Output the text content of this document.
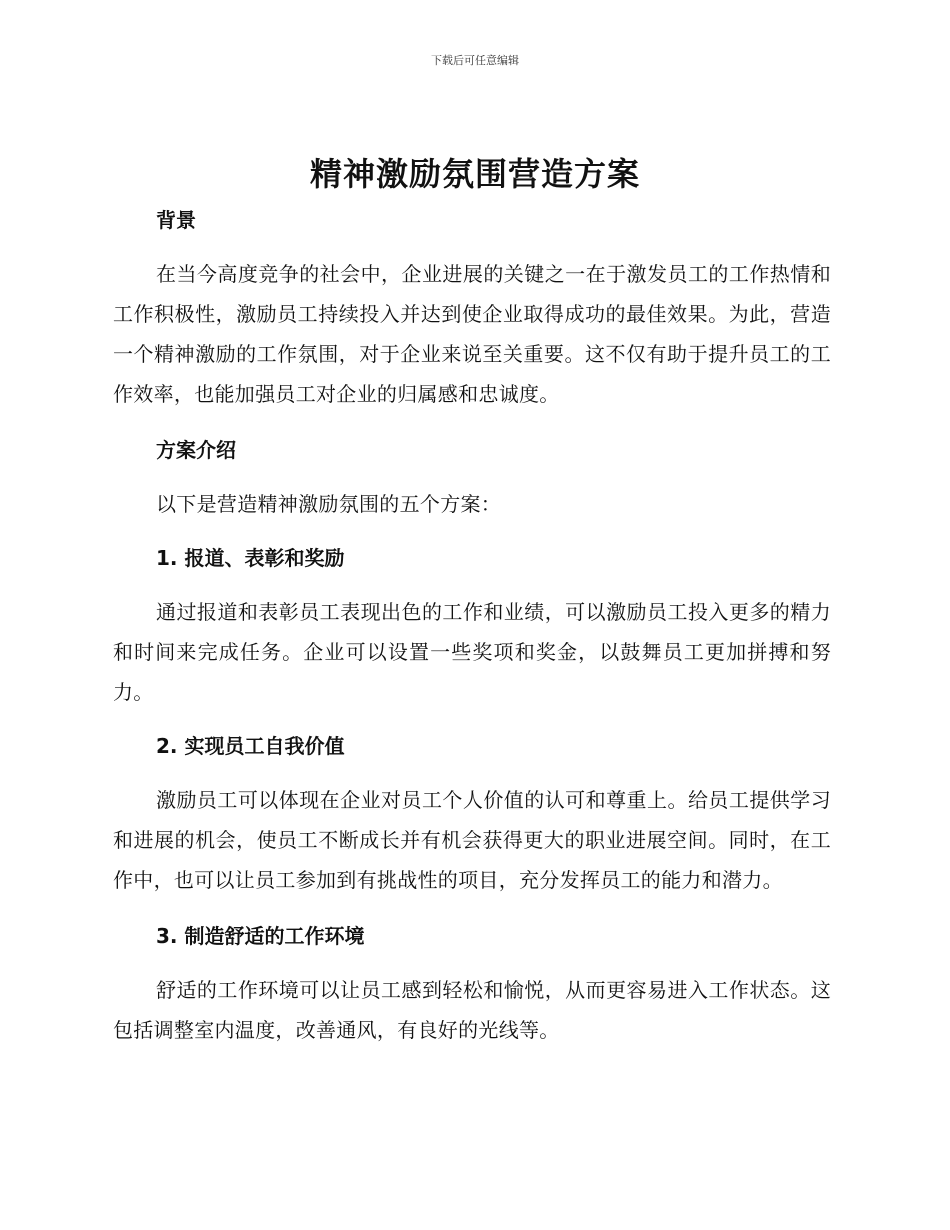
下载后可任意编辑
精神激励氛围营造方案
背景

在当今高度竞争的社会中，企业进展的关键之一在于激发员工的工作热情和工作积极性，激励员工持续投入并达到使企业取得成功的最佳效果。为此，营造一个精神激励的工作氛围，对于企业来说至关重要。这不仅有助于提升员工的工作效率，也能加强员工对企业的归属感和忠诚度。

方案介绍

以下是营造精神激励氛围的五个方案：

1. 报道、表彰和奖励

通过报道和表彰员工表现出色的工作和业绩，可以激励员工投入更多的精力和时间来完成任务。企业可以设置一些奖项和奖金，以鼓舞员工更加拼搏和努力。

2. 实现员工自我价值

激励员工可以体现在企业对员工个人价值的认可和尊重上。给员工提供学习和进展的机会，使员工不断成长并有机会获得更大的职业进展空间。同时，在工作中，也可以让员工参加到有挑战性的项目，充分发挥员工的能力和潜力。

3. 制造舒适的工作环境

舒适的工作环境可以让员工感到轻松和愉悦，从而更容易进入工作状态。这包括调整室内温度，改善通风，有良好的光线等。
